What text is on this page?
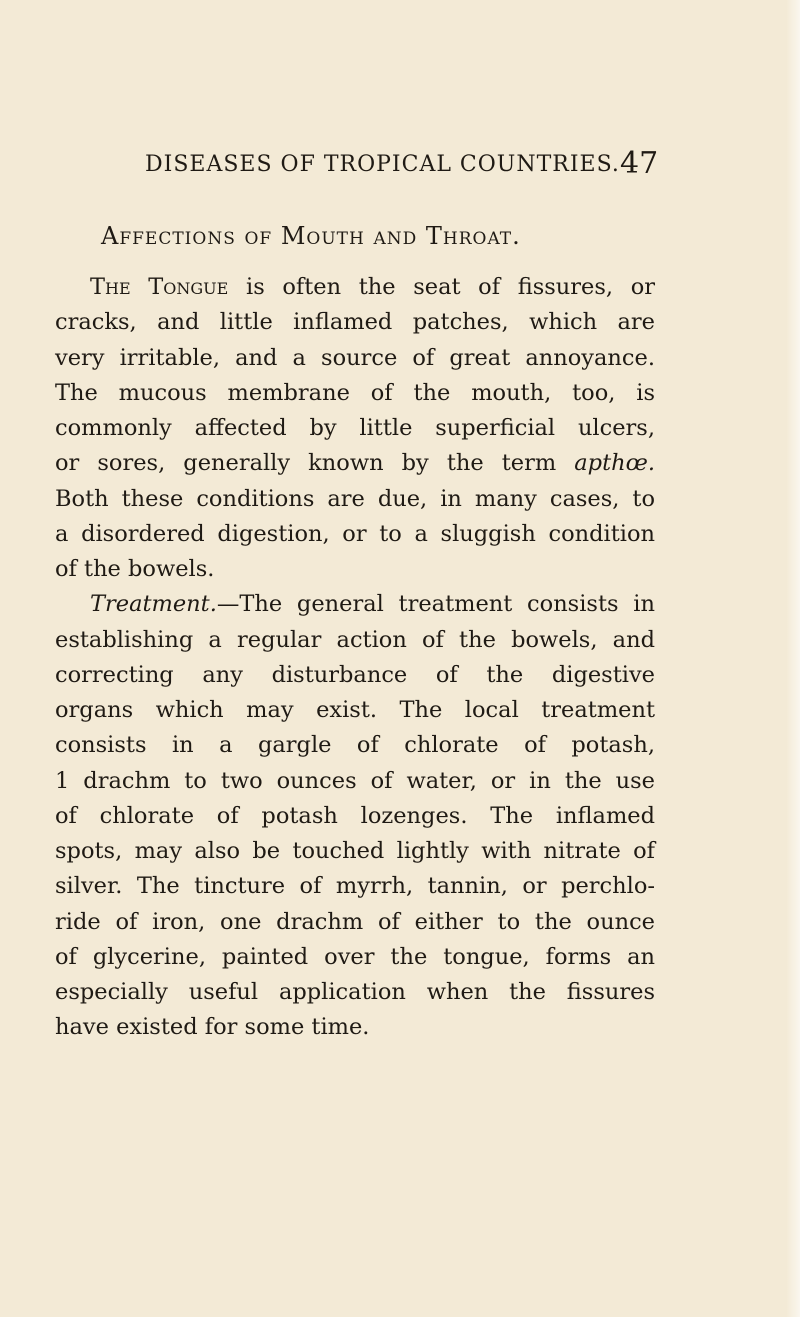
DISEASES OF TROPICAL COUNTRIES. 47
Affections of Mouth and Throat.
The Tongue is often the seat of fissures, or
cracks, and little inflamed patches, which are
very irritable, and a source of great annoyance.
The mucous membrane of the mouth, too, is
commonly affected by little superficial ulcers,
or sores, generally known by the term apthœ.
Both these conditions are due, in many cases, to
a disordered digestion, or to a sluggish condition
of the bowels.
Treatment.—The general treatment consists in
establishing a regular action of the bowels, and
correcting any disturbance of the digestive
organs which may exist. The local treatment
consists in a gargle of chlorate of potash,
1 drachm to two ounces of water, or in the use
of chlorate of potash lozenges. The inflamed
spots, may also be touched lightly with nitrate of
silver. The tincture of myrrh, tannin, or perchlo-
ride of iron, one drachm of either to the ounce
of glycerine, painted over the tongue, forms an
especially useful application when the fissures
have existed for some time.
